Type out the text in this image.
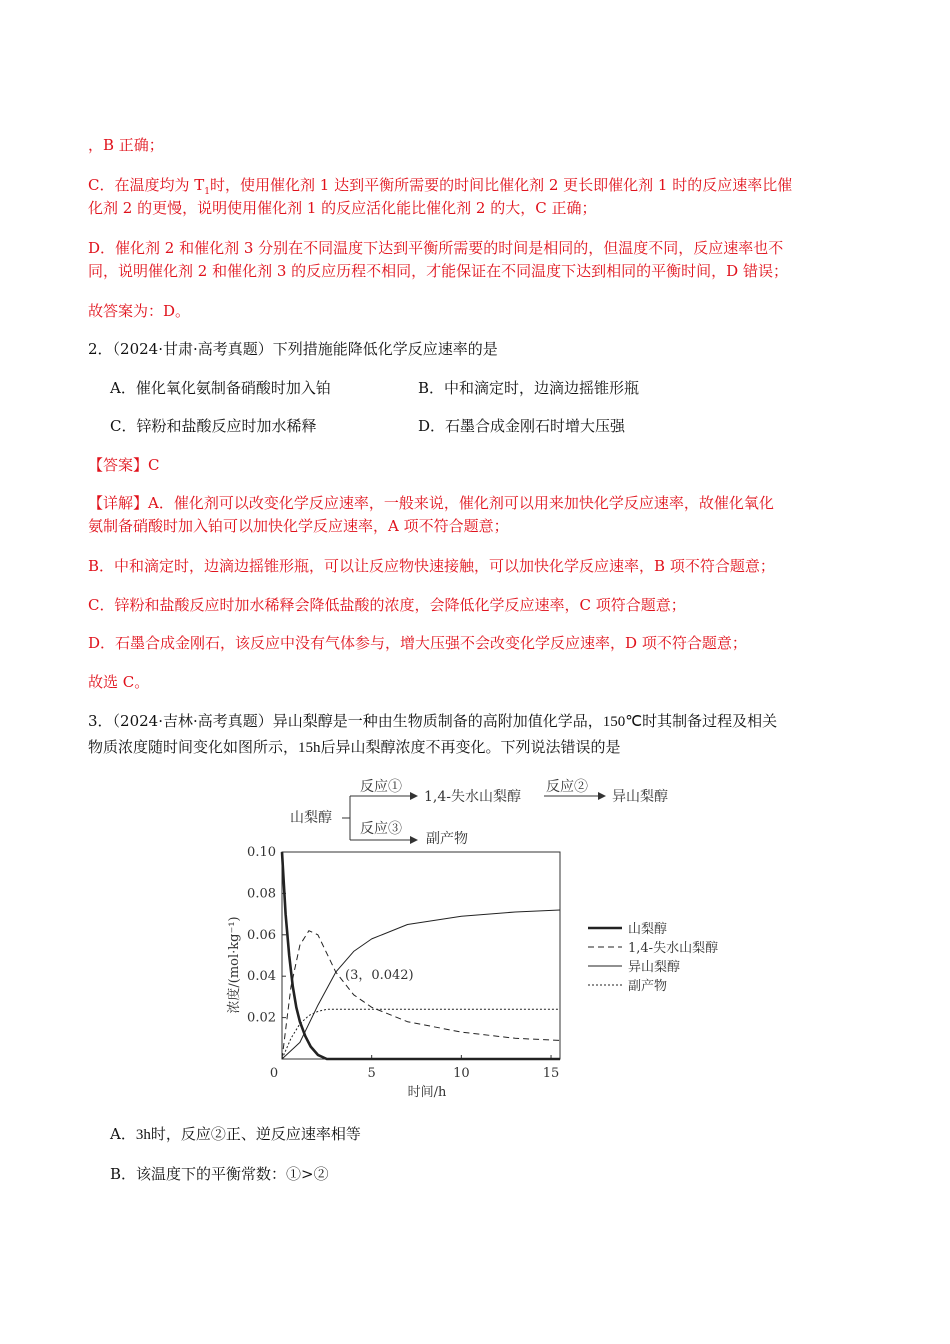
，B 正确；
C．在温度均为 $T_1$时，使用催化剂 1 达到平衡所需要的时间比催化剂 2 更长即催化剂 1 时的反应速率比催
化剂 2 的更慢，说明使用催化剂 1 的反应活化能比催化剂 2 的大，C 正确；
D．催化剂 2 和催化剂 3 分别在不同温度下达到平衡所需要的时间是相同的，但温度不同，反应速率也不
同，说明催化剂 2 和催化剂 3 的反应历程不相同，才能保证在不同温度下达到相同的平衡时间，D 错误；
故答案为：D。
2．（2024·甘肃·高考真题）下列措施能降低化学反应速率的是
A．催化氧化氨制备硝酸时加入铂	B．中和滴定时，边滴边摇锥形瓶
C．锌粉和盐酸反应时加水稀释	D．石墨合成金刚石时增大压强
【答案】C
【详解】A．催化剂可以改变化学反应速率，一般来说，催化剂可以用来加快化学反应速率，故催化氧化
氨制备硝酸时加入铂可以加快化学反应速率，A 项不符合题意；
B．中和滴定时，边滴边摇锥形瓶，可以让反应物快速接触，可以加快化学反应速率，B 项不符合题意；
C．锌粉和盐酸反应时加水稀释会降低盐酸的浓度，会降低化学反应速率，C 项符合题意；
D．石墨合成金刚石，该反应中没有气体参与，增大压强不会改变化学反应速率，D 项不符合题意；
故选 C。
3．（2024·吉林·高考真题）异山梨醇是一种由生物质制备的高附加值化学品，150℃时其制备过程及相关
物质浓度随时间变化如图所示，15h后异山梨醇浓度不再变化。下列说法错误的是
山梨醇
反应①
1,4-失水山梨醇
反应②
异山梨醇
反应③
副产物
0	5	10	15
0.02
0.04
0.06
0.08
0.10
浓度/(mol·kg⁻¹)
时间/h
(3，0.042)
山梨醇
1,4-失水山梨醇
异山梨醇
副产物
A．3h时，反应②正、逆反应速率相等
B．该温度下的平衡常数：①>②
